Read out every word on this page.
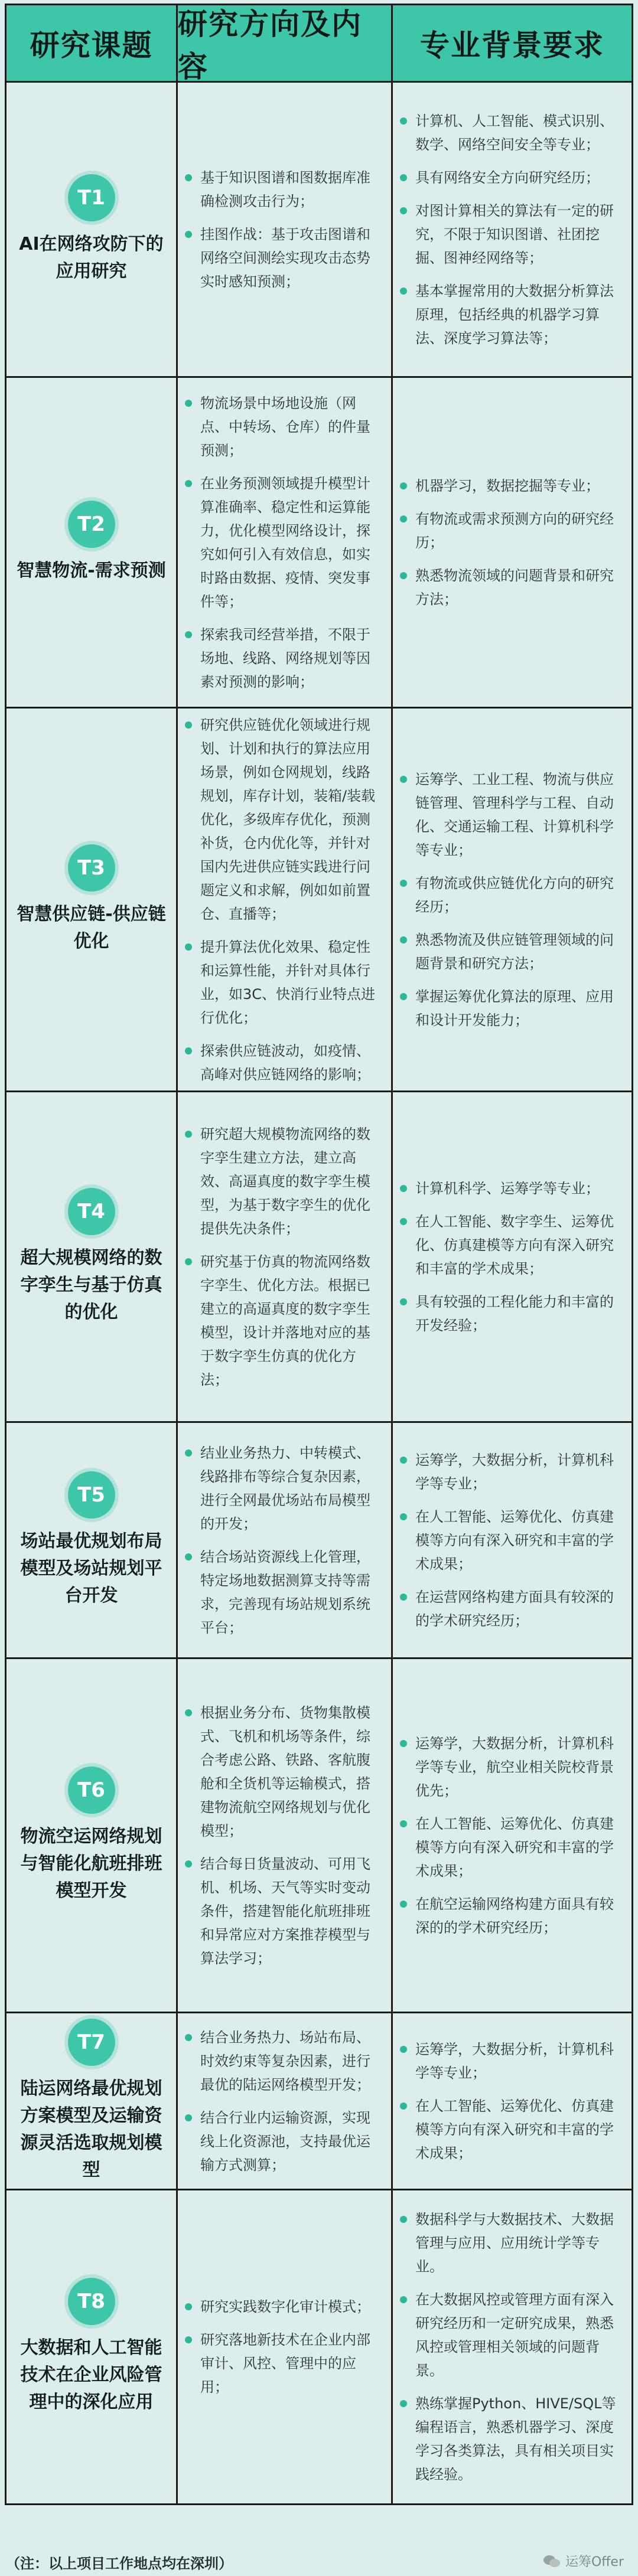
研究课题
研究方向及内容
专业背景要求
T1
AI在网络攻防下的应用研究
基于知识图谱和图数据库准确检测攻击行为；
挂图作战：基于攻击图谱和网络空间测绘实现攻击态势实时感知预测；
计算机、人工智能、模式识别、数学、网络空间安全等专业；
具有网络安全方向研究经历；
对图计算相关的算法有一定的研究，不限于知识图谱、社团挖掘、图神经网络等；
基本掌握常用的大数据分析算法原理，包括经典的机器学习算法、深度学习算法等；
T2
智慧物流-需求预测
物流场景中场地设施（网点、中转场、仓库）的件量预测；
在业务预测领域提升模型计算准确率、稳定性和运算能力，优化模型网络设计，探究如何引入有效信息，如实时路由数据、疫情、突发事件等；
探索我司经营举措，不限于场地、线路、网络规划等因素对预测的影响；
机器学习，数据挖掘等专业；
有物流或需求预测方向的研究经历；
熟悉物流领域的问题背景和研究方法；
T3
智慧供应链-供应链优化
研究供应链优化领域进行规划、计划和执行的算法应用场景，例如仓网规划，线路规划，库存计划，装箱/装载优化，多级库存优化，预测补货，仓内优化等，并针对国内先进供应链实践进行问题定义和求解，例如如前置仓、直播等；
提升算法优化效果、稳定性和运算性能，并针对具体行业，如3C、快消行业特点进行优化；
探索供应链波动，如疫情、高峰对供应链网络的影响；
运筹学、工业工程、物流与供应链管理、管理科学与工程、自动化、交通运输工程、计算机科学等专业；
有物流或供应链优化方向的研究经历；
熟悉物流及供应链管理领域的问题背景和研究方法；
掌握运筹优化算法的原理、应用和设计开发能力；
T4
超大规模网络的数字孪生与基于仿真的优化
研究超大规模物流网络的数字孪生建立方法，建立高效、高逼真度的数字孪生模型，为基于数字孪生的优化提供先决条件；
研究基于仿真的物流网络数字孪生、优化方法。根据已建立的高逼真度的数字孪生模型，设计并落地对应的基于数字孪生仿真的优化方法；
计算机科学、运筹学等专业；
在人工智能、数字孪生、运筹优化、仿真建模等方向有深入研究和丰富的学术成果；
具有较强的工程化能力和丰富的开发经验；
T5
场站最优规划布局模型及场站规划平台开发
结业业务热力、中转模式、线路排布等综合复杂因素，进行全网最优场站布局模型的开发；
结合场站资源线上化管理，特定场地数据测算支持等需求，完善现有场站规划系统平台；
运筹学，大数据分析，计算机科学等专业；
在人工智能、运筹优化、仿真建模等方向有深入研究和丰富的学术成果；
在运营网络构建方面具有较深的的学术研究经历；
T6
物流空运网络规划与智能化航班排班模型开发
根据业务分布、货物集散模式、飞机和机场等条件，综合考虑公路、铁路、客航腹舱和全货机等运输模式，搭建物流航空网络规划与优化模型；
结合每日货量波动、可用飞机、机场、天气等实时变动条件，搭建智能化航班排班和异常应对方案推荐模型与算法学习；
运筹学，大数据分析，计算机科学等专业，航空业相关院校背景优先；
在人工智能、运筹优化、仿真建模等方向有深入研究和丰富的学术成果；
在航空运输网络构建方面具有较深的的学术研究经历；
T7
陆运网络最优规划方案模型及运输资源灵活选取规划模型
结合业务热力、场站布局、时效约束等复杂因素，进行最优的陆运网络模型开发；
结合行业内运输资源，实现线上化资源池，支持最优运输方式测算；
运筹学，大数据分析，计算机科学等专业；
在人工智能、运筹优化、仿真建模等方向有深入研究和丰富的学术成果；
T8
大数据和人工智能技术在企业风险管理中的深化应用
研究实践数字化审计模式；
研究落地新技术在企业内部审计、风控、管理中的应用；
数据科学与大数据技术、大数据管理与应用、应用统计学等专业。
在大数据风控或管理方面有深入研究经历和一定研究成果，熟悉风控或管理相关领域的问题背景。
熟练掌握Python、HIVE/SQL等编程语言，熟悉机器学习、深度学习各类算法，具有相关项目实践经验。
（注：以上项目工作地点均在深圳）	运筹Offer
